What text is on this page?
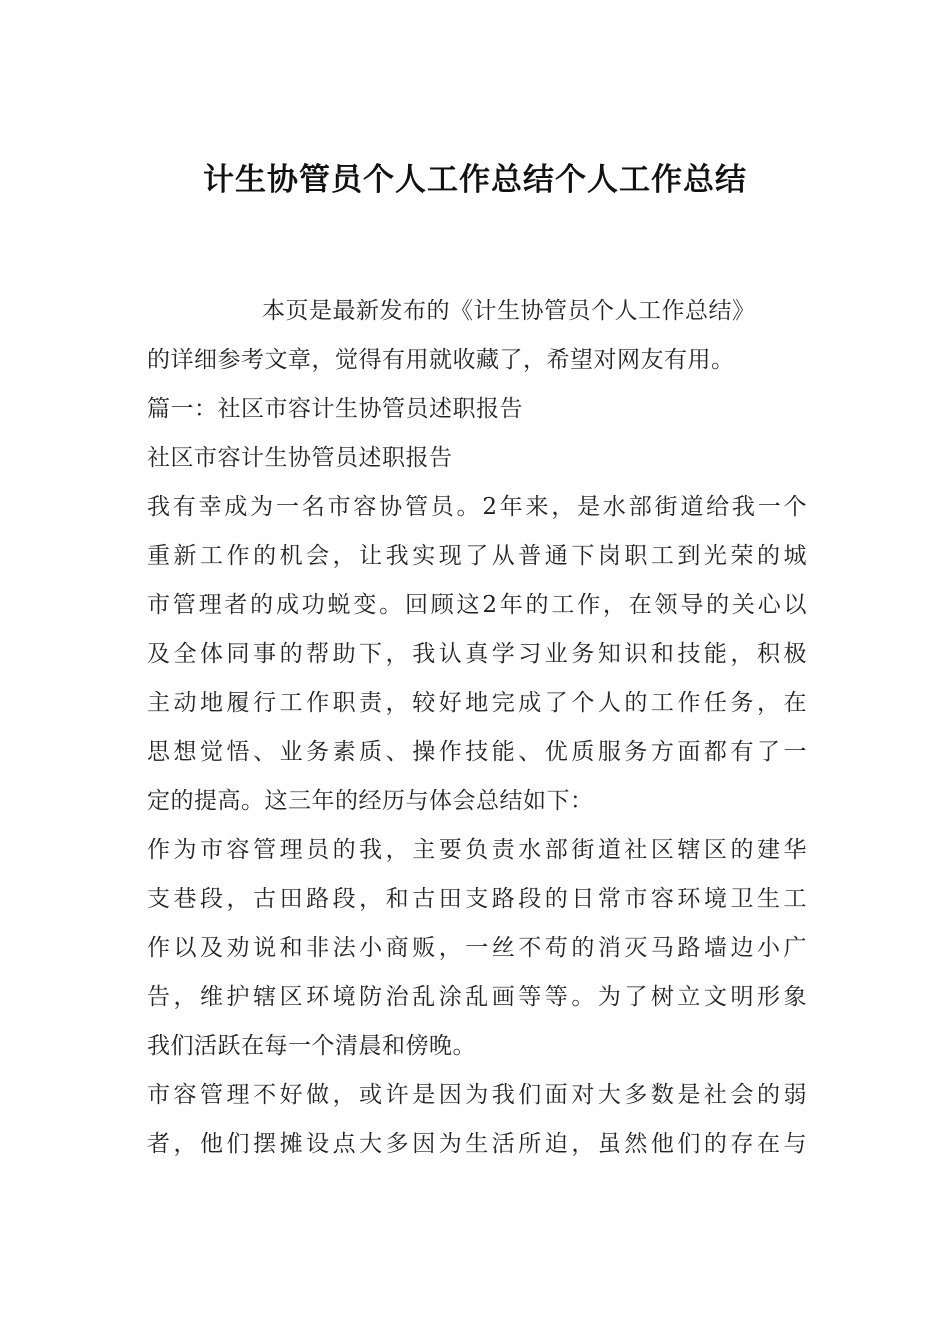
计生协管员个人工作总结个人工作总结
本页是最新发布的《计生协管员个人工作总结》
的详细参考文章，觉得有用就收藏了，希望对网友有用。
篇一：社区市容计生协管员述职报告
社区市容计生协管员述职报告
我有幸成为一名市容协管员。2年来，是水部街道给我一个
重新工作的机会，让我实现了从普通下岗职工到光荣的城
市管理者的成功蜕变。回顾这2年的工作，在领导的关心以
及全体同事的帮助下，我认真学习业务知识和技能，积极
主动地履行工作职责，较好地完成了个人的工作任务，在
思想觉悟、业务素质、操作技能、优质服务方面都有了一
定的提高。这三年的经历与体会总结如下：
作为市容管理员的我，主要负责水部街道社区辖区的建华
支巷段，古田路段，和古田支路段的日常市容环境卫生工
作以及劝说和非法小商贩，一丝不苟的消灭马路墙边小广
告，维护辖区环境防治乱涂乱画等等。为了树立文明形象
我们活跃在每一个清晨和傍晚。
市容管理不好做，或许是因为我们面对大多数是社会的弱
者，他们摆摊设点大多因为生活所迫，虽然他们的存在与
